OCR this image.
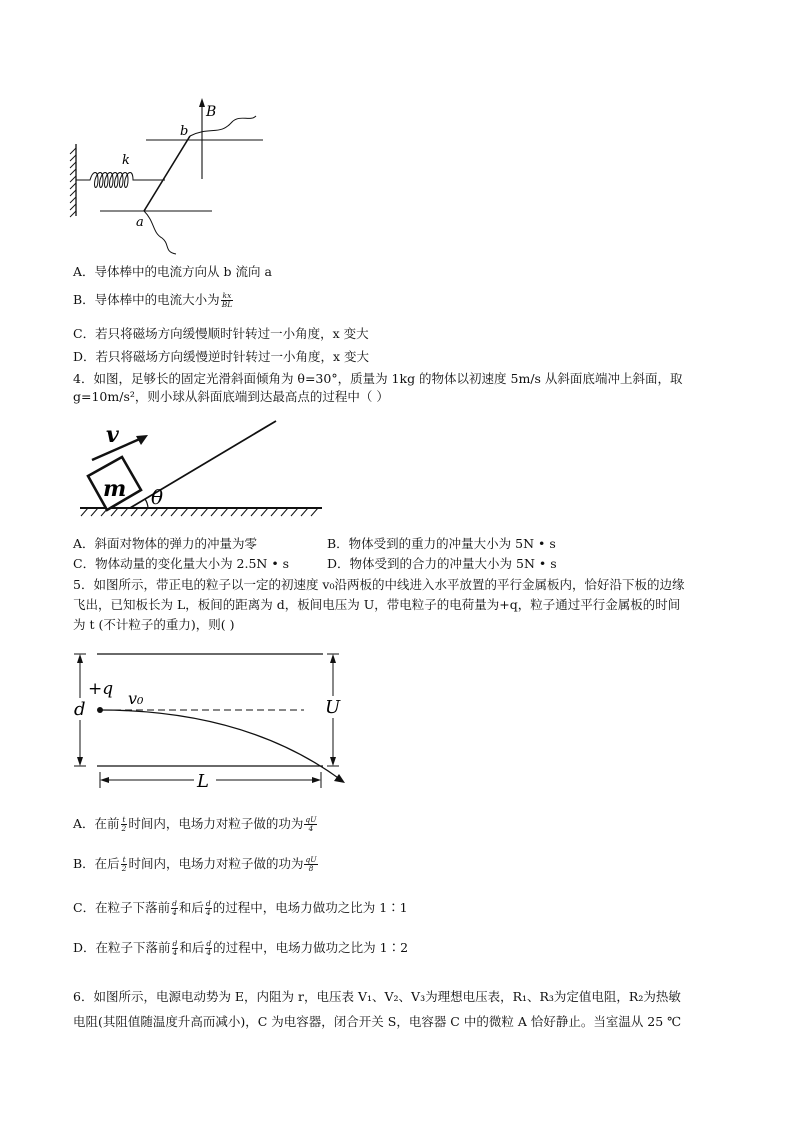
B
b
k
a
A．导体棒中的电流方向从 b 流向 a
B．导体棒中的电流大小为 $\frac{kx}{BL}$
C．若只将磁场方向缓慢顺时针转过一小角度，x 变大
D．若只将磁场方向缓慢逆时针转过一小角度，x 变大
4．如图，足够长的固定光滑斜面倾角为 θ=30°，质量为 1kg 的物体以初速度 5m/s 从斜面底端冲上斜面，取
g=10m/s²，则小球从斜面底端到达最高点的过程中（ ）
m
v
θ
A．斜面对物体的弹力的冲量为零	B．物体受到的重力的冲量大小为 5N • s
C．物体动量的变化量大小为 2.5N • s	D．物体受到的合力的冲量大小为 5N • s
5．如图所示，带正电的粒子以一定的初速度 v₀沿两板的中线进入水平放置的平行金属板内，恰好沿下板的边缘
飞出，已知板长为 L，板间的距离为 d，板间电压为 U，带电粒子的电荷量为+q，粒子通过平行金属板的时间
为 t (不计粒子的重力)，则( )
d	U
+q v₀
L
A．在前 $\frac{t}{2}$ 时间内，电场力对粒子做的功为 $\frac{qU}{4}$
B．在后 $\frac{t}{2}$ 时间内，电场力对粒子做的功为 $\frac{qU}{8}$
C．在粒子下落前 $\frac{d}{4}$ 和后 $\frac{d}{4}$ 的过程中，电场力做功之比为 1∶1
D．在粒子下落前 $\frac{d}{4}$ 和后 $\frac{d}{4}$ 的过程中，电场力做功之比为 1∶2
6．如图所示，电源电动势为 E，内阻为 r，电压表 V₁、V₂、V₃为理想电压表，R₁、R₃为定值电阻，R₂为热敏
电阻(其阻值随温度升高而减小)，C 为电容器，闭合开关 S，电容器 C 中的微粒 A 恰好静止。当室温从 25 ℃
